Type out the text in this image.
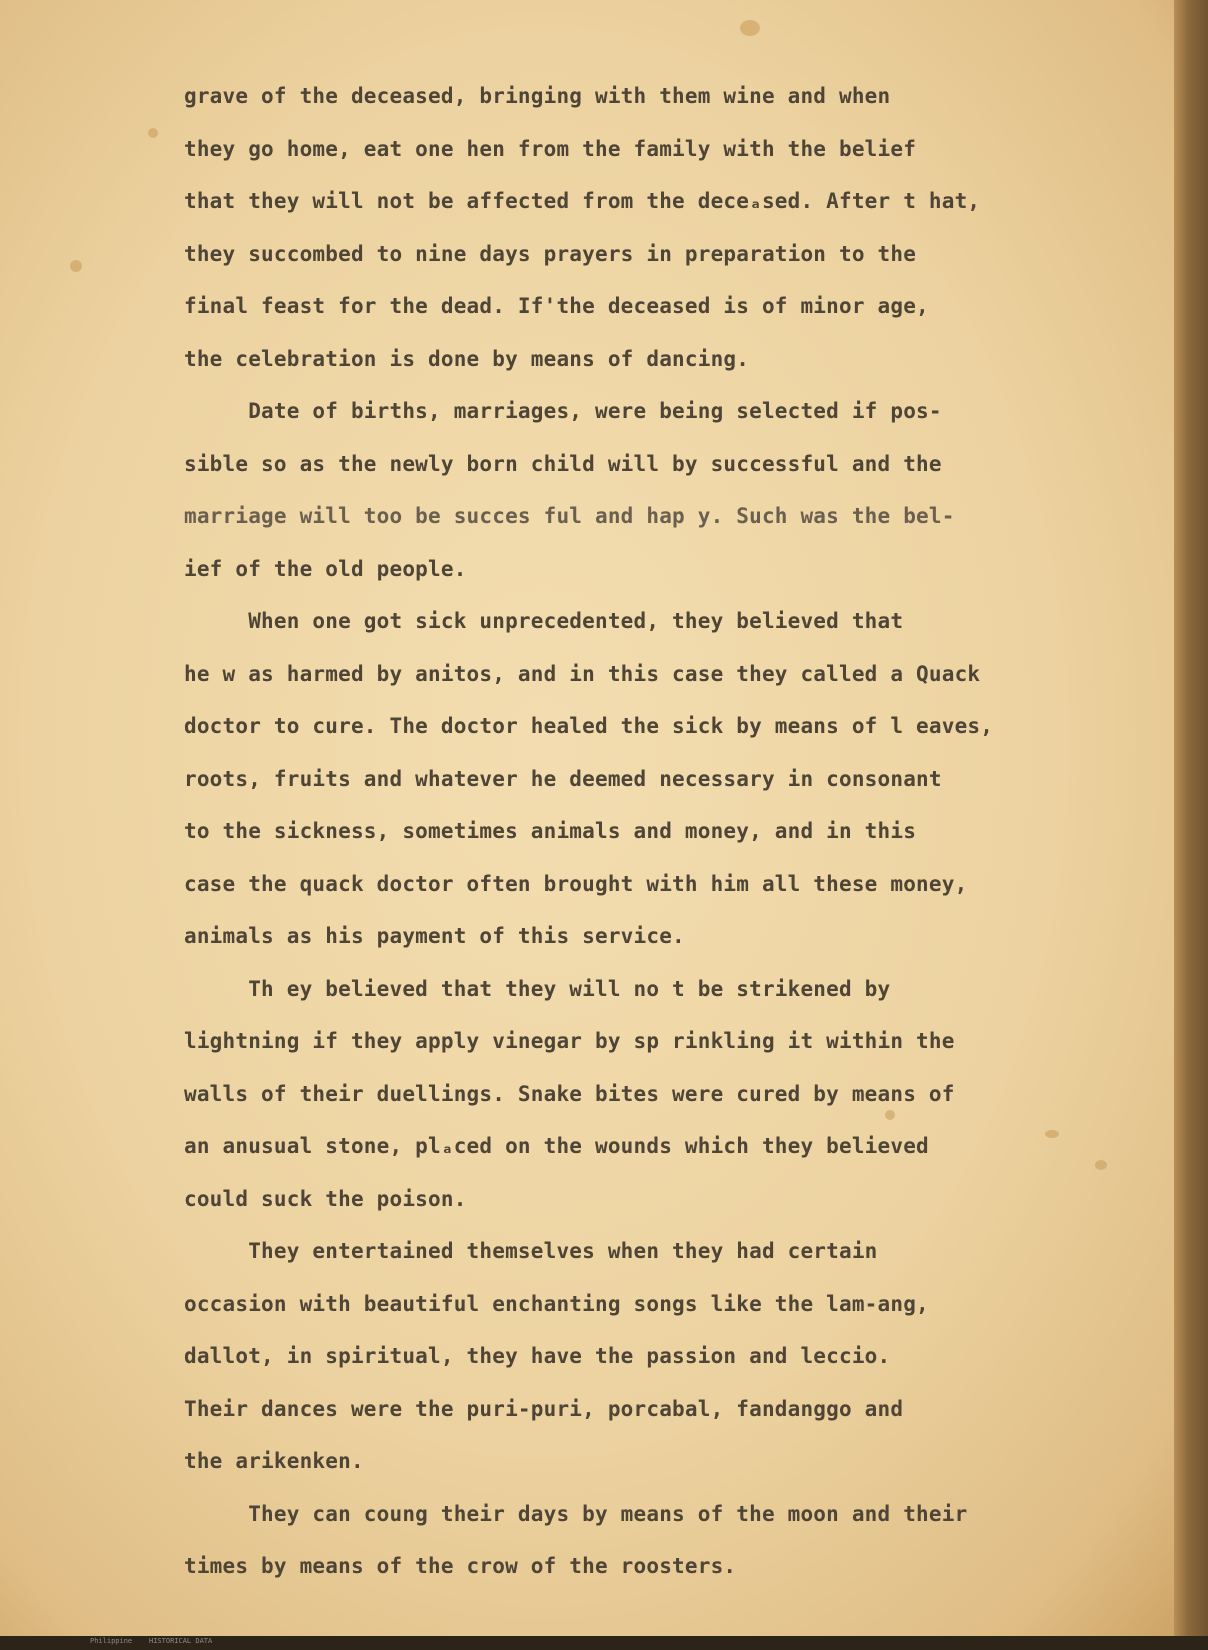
grave of the deceased, bringing with them wine and when
they go home, eat one hen from the family with the belief
that they will not be affected from the deceₐsed. After t hat,
they succombed to nine days prayers in preparation to the
final feast for the dead. If'the deceased is of minor age,
the celebration is done by means of dancing.
Date of births, marriages, were being selected if pos-
sible so as the newly born child will by successful and the
marriage will too be succes ful and hap y. Such was the bel-
ief of the old people.
When one got sick unprecedented, they believed that
he w as harmed by anitos, and in this case they called a Quack
doctor to cure. The doctor healed the sick by means of l eaves,
roots, fruits and whatever he deemed necessary in consonant
to the sickness, sometimes animals and money, and in this
case the quack doctor often brought with him all these money,
animals as his payment of this service.
Th ey believed that they will no t be strikened by
lightning if they apply vinegar by sp rinkling it within the
walls of their duellings. Snake bites were cured by means of
an anusual stone, plₐced on the wounds which they believed
could suck the poison.
They entertained themselves when they had certain
occasion with beautiful enchanting songs like the lam-ang,
dallot, in spiritual, they have the passion and leccio.
Their dances were the puri-puri, porcabal, fandanggo and
the arikenken.
They can coung their days by means of the moon and their
times by means of the crow of the roosters.
Philippine    HISTORICAL DATA
